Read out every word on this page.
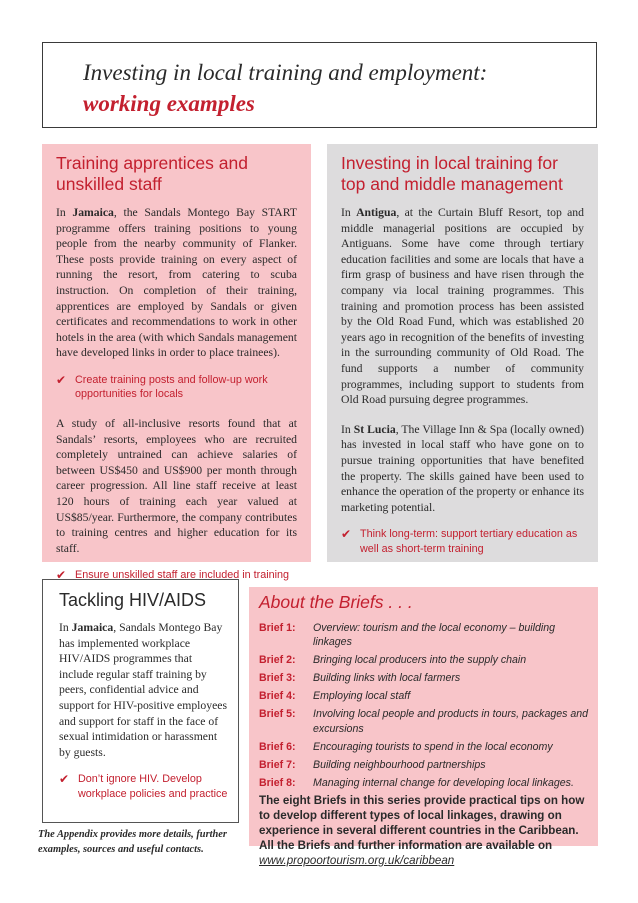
Investing in local training and employment:
working examples
Training apprentices and unskilled staff

In Jamaica, the Sandals Montego Bay START programme offers training positions to young people from the nearby community of Flanker. These posts provide training on every aspect of running the resort, from catering to scuba instruction. On completion of their training, apprentices are employed by Sandals or given certificates and recommendations to work in other hotels in the area (with which Sandals management have developed links in order to place trainees).

✔ Create training posts and follow-up work opportunities for locals

A study of all-inclusive resorts found that at Sandals’ resorts, employees who are recruited completely untrained can achieve salaries of between US$450 and US$900 per month through career progression. All line staff receive at least 120 hours of training each year valued at US$85/year. Furthermore, the company contributes to training centres and higher education for its staff.

✔ Ensure unskilled staff are included in training
Investing in local training for top and middle management

In Antigua, at the Curtain Bluff Resort, top and middle managerial positions are occupied by Antiguans. Some have come through tertiary education facilities and some are locals that have a firm grasp of business and have risen through the company via local training programmes. This training and promotion process has been assisted by the Old Road Fund, which was established 20 years ago in recognition of the benefits of investing in the surrounding community of Old Road. The fund supports a number of community programmes, including support to students from Old Road pursuing degree programmes.

In St Lucia, The Village Inn & Spa (locally owned) has invested in local staff who have gone on to pursue training opportunities that have benefited the property. The skills gained have been used to enhance the operation of the property or enhance its marketing potential.

✔ Think long-term: support tertiary education as well as short-term training
Tackling HIV/AIDS

In Jamaica, Sandals Montego Bay has implemented workplace HIV/AIDS programmes that include regular staff training by peers, confidential advice and support for HIV-positive employees and support for staff in the face of sexual intimidation or harassment by guests.

✔ Don’t ignore HIV. Develop workplace policies and practice
The Appendix provides more details, further examples, sources and useful contacts.
About the Briefs . . .
Brief 1:	Overview: tourism and the local economy – building linkages
Brief 2:	Bringing local producers into the supply chain
Brief 3:	Building links with local farmers
Brief 4:	Employing local staff
Brief 5:	Involving local people and products in tours, packages and excursions
Brief 6:	Encouraging tourists to spend in the local economy
Brief 7:	Building neighbourhood partnerships
Brief 8:	Managing internal change for developing local linkages.
The eight Briefs in this series provide practical tips on how to develop different types of local linkages, drawing on experience in several different countries in the Caribbean. All the Briefs and further information are available on www.propoortourism.org.uk/caribbean
